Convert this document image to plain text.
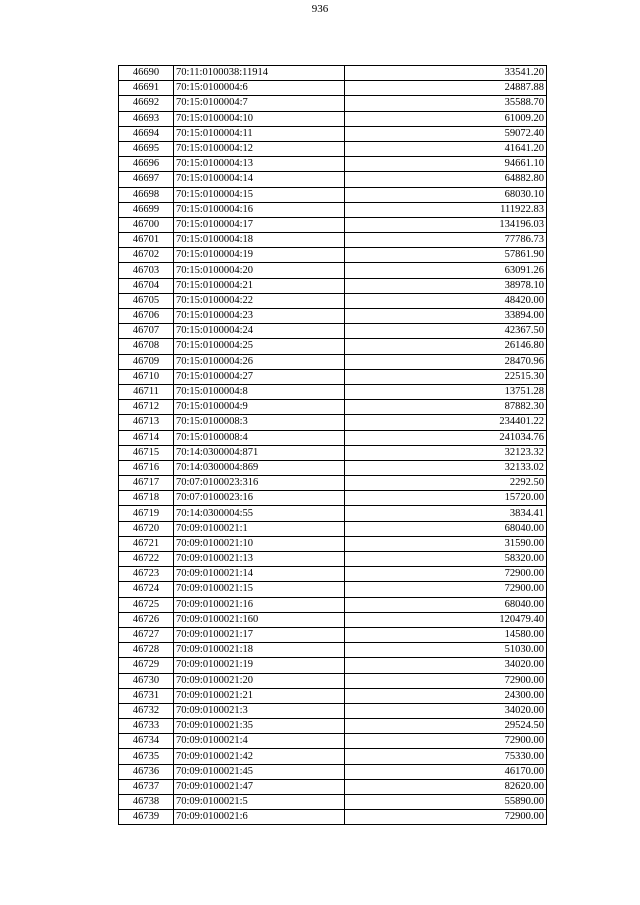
936
46690	70:11:0100038:11914	33541.20
46691	70:15:0100004:6	24887.88
46692	70:15:0100004:7	35588.70
46693	70:15:0100004:10	61009.20
46694	70:15:0100004:11	59072.40
46695	70:15:0100004:12	41641.20
46696	70:15:0100004:13	94661.10
46697	70:15:0100004:14	64882.80
46698	70:15:0100004:15	68030.10
46699	70:15:0100004:16	111922.83
46700	70:15:0100004:17	134196.03
46701	70:15:0100004:18	77786.73
46702	70:15:0100004:19	57861.90
46703	70:15:0100004:20	63091.26
46704	70:15:0100004:21	38978.10
46705	70:15:0100004:22	48420.00
46706	70:15:0100004:23	33894.00
46707	70:15:0100004:24	42367.50
46708	70:15:0100004:25	26146.80
46709	70:15:0100004:26	28470.96
46710	70:15:0100004:27	22515.30
46711	70:15:0100004:8	13751.28
46712	70:15:0100004:9	87882.30
46713	70:15:0100008:3	234401.22
46714	70:15:0100008:4	241034.76
46715	70:14:0300004:871	32123.32
46716	70:14:0300004:869	32133.02
46717	70:07:0100023:316	2292.50
46718	70:07:0100023:16	15720.00
46719	70:14:0300004:55	3834.41
46720	70:09:0100021:1	68040.00
46721	70:09:0100021:10	31590.00
46722	70:09:0100021:13	58320.00
46723	70:09:0100021:14	72900.00
46724	70:09:0100021:15	72900.00
46725	70:09:0100021:16	68040.00
46726	70:09:0100021:160	120479.40
46727	70:09:0100021:17	14580.00
46728	70:09:0100021:18	51030.00
46729	70:09:0100021:19	34020.00
46730	70:09:0100021:20	72900.00
46731	70:09:0100021:21	24300.00
46732	70:09:0100021:3	34020.00
46733	70:09:0100021:35	29524.50
46734	70:09:0100021:4	72900.00
46735	70:09:0100021:42	75330.00
46736	70:09:0100021:45	46170.00
46737	70:09:0100021:47	82620.00
46738	70:09:0100021:5	55890.00
46739	70:09:0100021:6	72900.00
